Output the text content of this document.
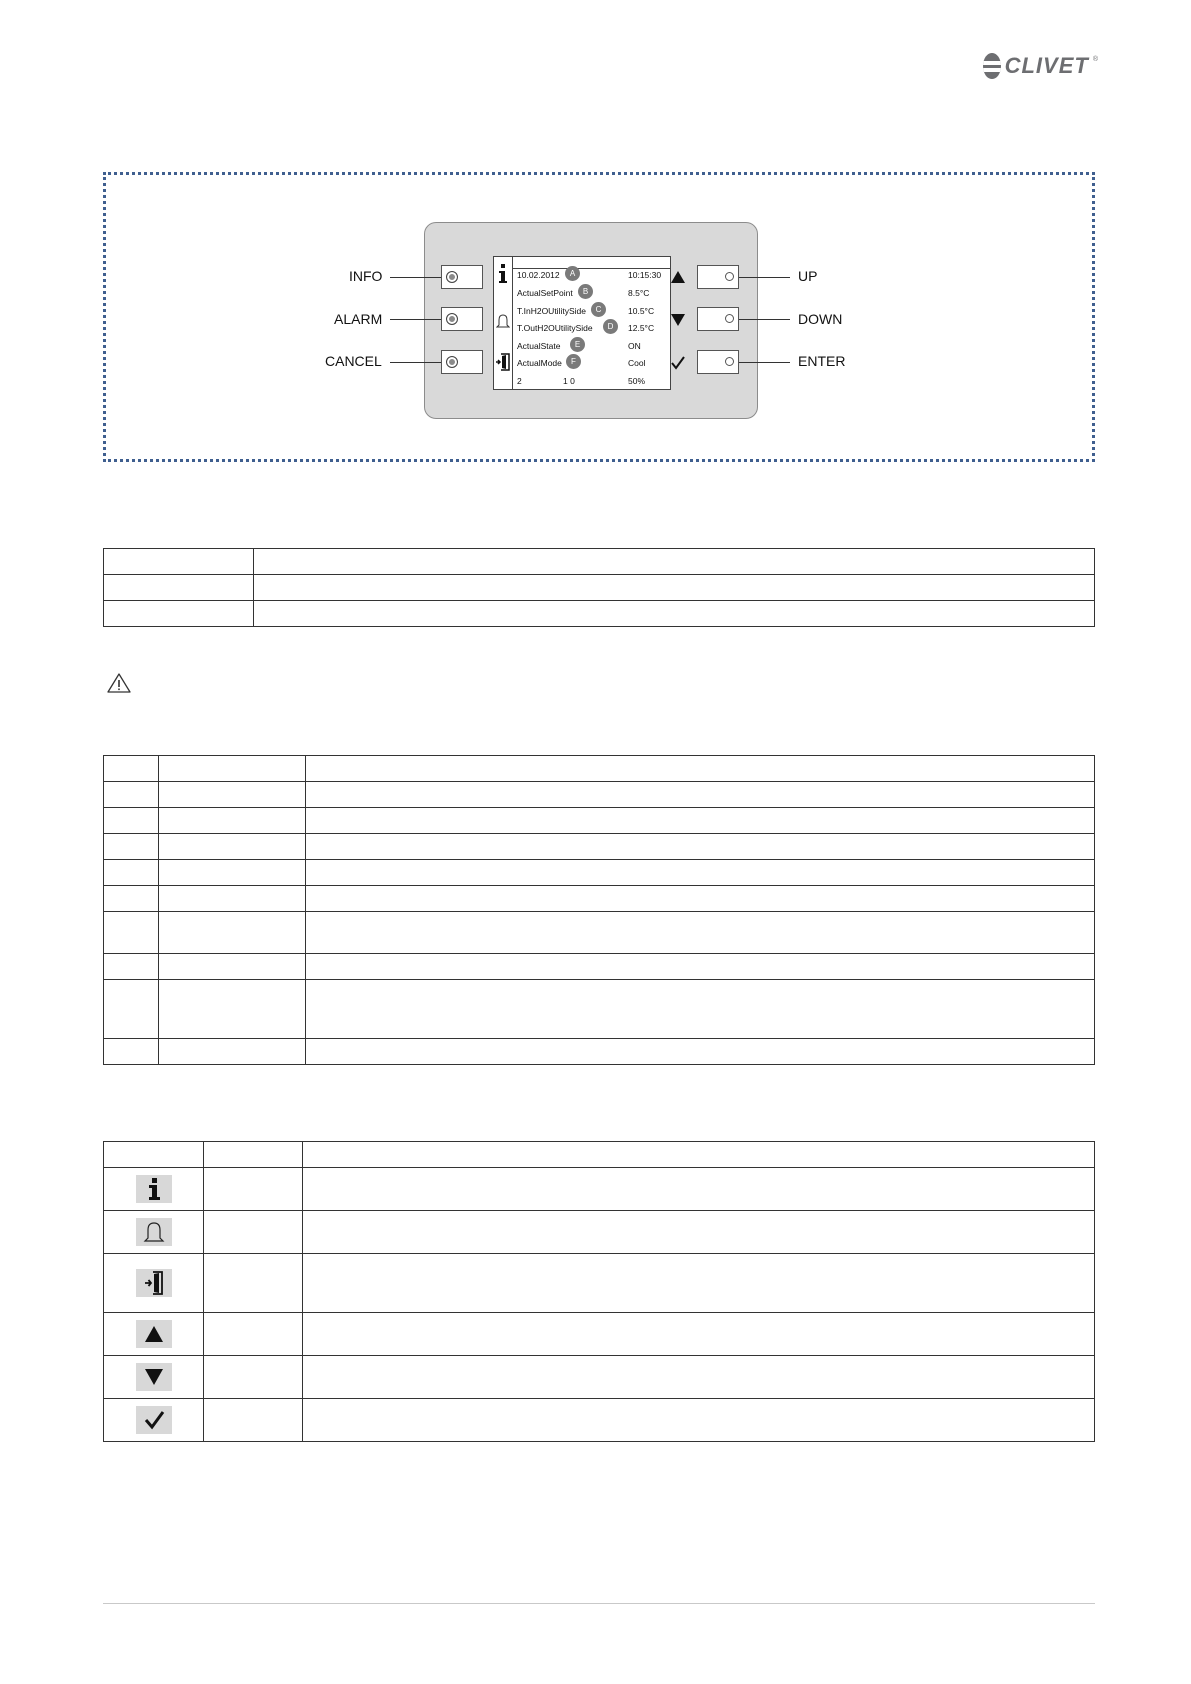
CLIVET ®
10.02.2012	A	10:15:30
ActualSetPoint	B	8.5°C
T.InH2OUtilitySide	C	10.5°C
T.OutH2OUtilitySide	D	12.5°C
ActualState	E	ON
ActualMode	F	Cool
2	1 0	50%
INFO
ALARM
CANCEL
UP
DOWN
ENTER
